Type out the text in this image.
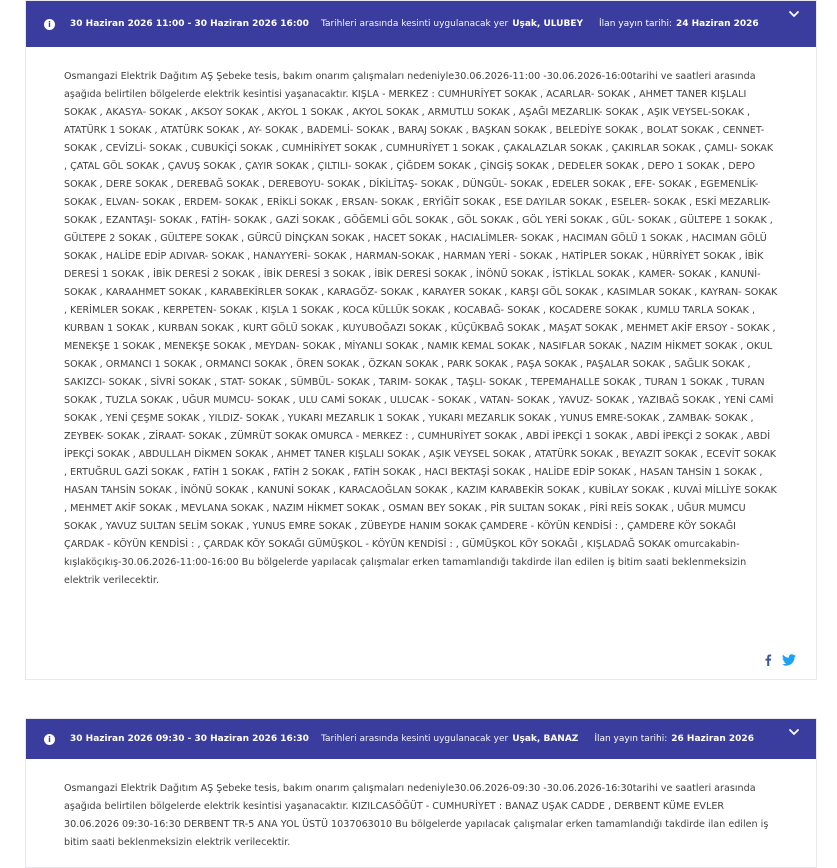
i	30 Haziran 2026 11:00 - 30 Haziran 2026 16:00 Tarihleri arasında kesinti uygulanacak yer Uşak, ULUBEY İlan yayın tarihi: 24 Haziran 2026
Osmangazi Elektrik Dağıtım AŞ Şebeke tesis, bakım onarım çalışmaları nedeniyle30.06.2026-11:00 -30.06.2026-16:00tarihi ve saatleri arasında aşağıda belirtilen bölgelerde elektrik kesintisi yaşanacaktır. KIŞLA - MERKEZ : CUMHURİYET SOKAK , ACARLAR- SOKAK , AHMET TANER KIŞLALI SOKAK , AKASYA- SOKAK , AKSOY SOKAK , AKYOL 1 SOKAK , AKYOL SOKAK , ARMUTLU SOKAK , AŞAĞI MEZARLIK- SOKAK , AŞIK VEYSEL-SOKAK , ATATÜRK 1 SOKAK , ATATÜRK SOKAK , AY- SOKAK , BADEMLİ- SOKAK , BARAJ SOKAK , BAŞKAN SOKAK , BELEDİYE SOKAK , BOLAT SOKAK , CENNET- SOKAK , CEVİZLİ- SOKAK , CUBUKİÇİ SOKAK , CUMHİRİYET SOKAK , CUMHURİYET 1 SOKAK , ÇAKALAZLAR SOKAK , ÇAKIRLAR SOKAK , ÇAMLI- SOKAK , ÇATAL GÖL SOKAK , ÇAVUŞ SOKAK , ÇAYIR SOKAK , ÇILTILI- SOKAK , ÇİĞDEM SOKAK , ÇİNGİŞ SOKAK , DEDELER SOKAK , DEPO 1 SOKAK , DEPO SOKAK , DERE SOKAK , DEREBAĞ SOKAK , DEREBOYU- SOKAK , DİKİLİTAŞ- SOKAK , DÜNGÜL- SOKAK , EDELER SOKAK , EFE- SOKAK , EGEMENLİK- SOKAK , ELVAN- SOKAK , ERDEM- SOKAK , ERİKLİ SOKAK , ERSAN- SOKAK , ERYİĞİT SOKAK , ESE DAYILAR SOKAK , ESELER- SOKAK , ESKİ MEZARLIK- SOKAK , EZANTAŞI- SOKAK , FATİH- SOKAK , GAZİ SOKAK , GÖĞEMLİ GÖL SOKAK , GÖL SOKAK , GÖL YERİ SOKAK , GÜL- SOKAK , GÜLTEPE 1 SOKAK , GÜLTEPE 2 SOKAK , GÜLTEPE SOKAK , GÜRCÜ DİNÇKAN SOKAK , HACET SOKAK , HACIALİMLER- SOKAK , HACIMAN GÖLÜ 1 SOKAK , HACIMAN GÖLÜ SOKAK , HALİDE EDİP ADIVAR- SOKAK , HANAYYERİ- SOKAK , HARMAN-SOKAK , HARMAN YERİ - SOKAK , HATİPLER SOKAK , HÜRRİYET SOKAK , İBİK DERESİ 1 SOKAK , İBİK DERESİ 2 SOKAK , İBİK DERESİ 3 SOKAK , İBİK DERESİ SOKAK , İNÖNÜ SOKAK , İSTİKLAL SOKAK , KAMER- SOKAK , KANUNİ- SOKAK , KARAAHMET SOKAK , KARABEKİRLER SOKAK , KARAGÖZ- SOKAK , KARAYER SOKAK , KARŞI GÖL SOKAK , KASIMLAR SOKAK , KAYRAN- SOKAK , KERİMLER SOKAK , KERPETEN- SOKAK , KIŞLA 1 SOKAK , KOCA KÜLLÜK SOKAK , KOCABAĞ- SOKAK , KOCADERE SOKAK , KUMLU TARLA SOKAK , KURBAN 1 SOKAK , KURBAN SOKAK , KURT GÖLÜ SOKAK , KUYUBOĞAZI SOKAK , KÜÇÜKBAĞ SOKAK , MAŞAT SOKAK , MEHMET AKİF ERSOY - SOKAK , MENEKŞE 1 SOKAK , MENEKŞE SOKAK , MEYDAN- SOKAK , MİYANLI SOKAK , NAMIK KEMAL SOKAK , NASIFLAR SOKAK , NAZIM HİKMET SOKAK , OKUL SOKAK , ORMANCI 1 SOKAK , ORMANCI SOKAK , ÖREN SOKAK , ÖZKAN SOKAK , PARK SOKAK , PAŞA SOKAK , PAŞALAR SOKAK , SAĞLIK SOKAK , SAKIZCI- SOKAK , SİVRİ SOKAK , STAT- SOKAK , SÜMBÜL- SOKAK , TARIM- SOKAK , TAŞLI- SOKAK , TEPEMAHALLE SOKAK , TURAN 1 SOKAK , TURAN SOKAK , TUZLA SOKAK , UĞUR MUMCU- SOKAK , ULU CAMİ SOKAK , ULUCAK - SOKAK , VATAN- SOKAK , YAVUZ- SOKAK , YAZIBAĞ SOKAK , YENİ CAMİ SOKAK , YENİ ÇEŞME SOKAK , YILDIZ- SOKAK , YUKARI MEZARLIK 1 SOKAK , YUKARI MEZARLIK SOKAK , YUNUS EMRE-SOKAK , ZAMBAK- SOKAK , ZEYBEK- SOKAK , ZİRAAT- SOKAK , ZÜMRÜT SOKAK OMURCA - MERKEZ : , CUMHURİYET SOKAK , ABDİ İPEKÇİ 1 SOKAK , ABDİ İPEKÇİ 2 SOKAK , ABDİ İPEKÇİ SOKAK , ABDULLAH DİKMEN SOKAK , AHMET TANER KIŞLALI SOKAK , AŞIK VEYSEL SOKAK , ATATÜRK SOKAK , BEYAZIT SOKAK , ECEVİT SOKAK , ERTUĞRUL GAZİ SOKAK , FATİH 1 SOKAK , FATİH 2 SOKAK , FATİH SOKAK , HACI BEKTAŞİ SOKAK , HALİDE EDİP SOKAK , HASAN TAHSİN 1 SOKAK , HASAN TAHSİN SOKAK , İNÖNÜ SOKAK , KANUNİ SOKAK , KARACAOĞLAN SOKAK , KAZIM KARABEKİR SOKAK , KUBİLAY SOKAK , KUVAİ MİLLİYE SOKAK , MEHMET AKİF SOKAK , MEVLANA SOKAK , NAZIM HİKMET SOKAK , OSMAN BEY SOKAK , PİR SULTAN SOKAK , PİRİ REİS SOKAK , UĞUR MUMCU SOKAK , YAVUZ SULTAN SELİM SOKAK , YUNUS EMRE SOKAK , ZÜBEYDE HANIM SOKAK ÇAMDERE - KÖYÜN KENDİSİ : , ÇAMDERE KÖY SOKAĞI ÇARDAK - KÖYÜN KENDİSİ : , ÇARDAK KÖY SOKAĞI GÜMÜŞKOL - KÖYÜN KENDİSİ : , GÜMÜŞKOL KÖY SOKAĞI , KIŞLADAĞ SOKAK omurcakabin-kışlaköçıkış-30.06.2026-11:00-16:00 Bu bölgelerde yapılacak çalışmalar erken tamamlandığı takdirde ilan edilen iş bitim saati beklenmeksizin elektrik verilecektir.
i	30 Haziran 2026 09:30 - 30 Haziran 2026 16:30 Tarihleri arasında kesinti uygulanacak yer Uşak, BANAZ İlan yayın tarihi: 26 Haziran 2026
Osmangazi Elektrik Dağıtım AŞ Şebeke tesis, bakım onarım çalışmaları nedeniyle30.06.2026-09:30 -30.06.2026-16:30tarihi ve saatleri arasında aşağıda belirtilen bölgelerde elektrik kesintisi yaşanacaktır. KIZILCASÖĞÜT - CUMHURİYET : BANAZ UŞAK CADDE , DERBENT KÜME EVLER 30.06.2026 09:30-16:30 DERBENT TR-5 ANA YOL ÜSTÜ 1037063010 Bu bölgelerde yapılacak çalışmalar erken tamamlandığı takdirde ilan edilen iş bitim saati beklenmeksizin elektrik verilecektir.
